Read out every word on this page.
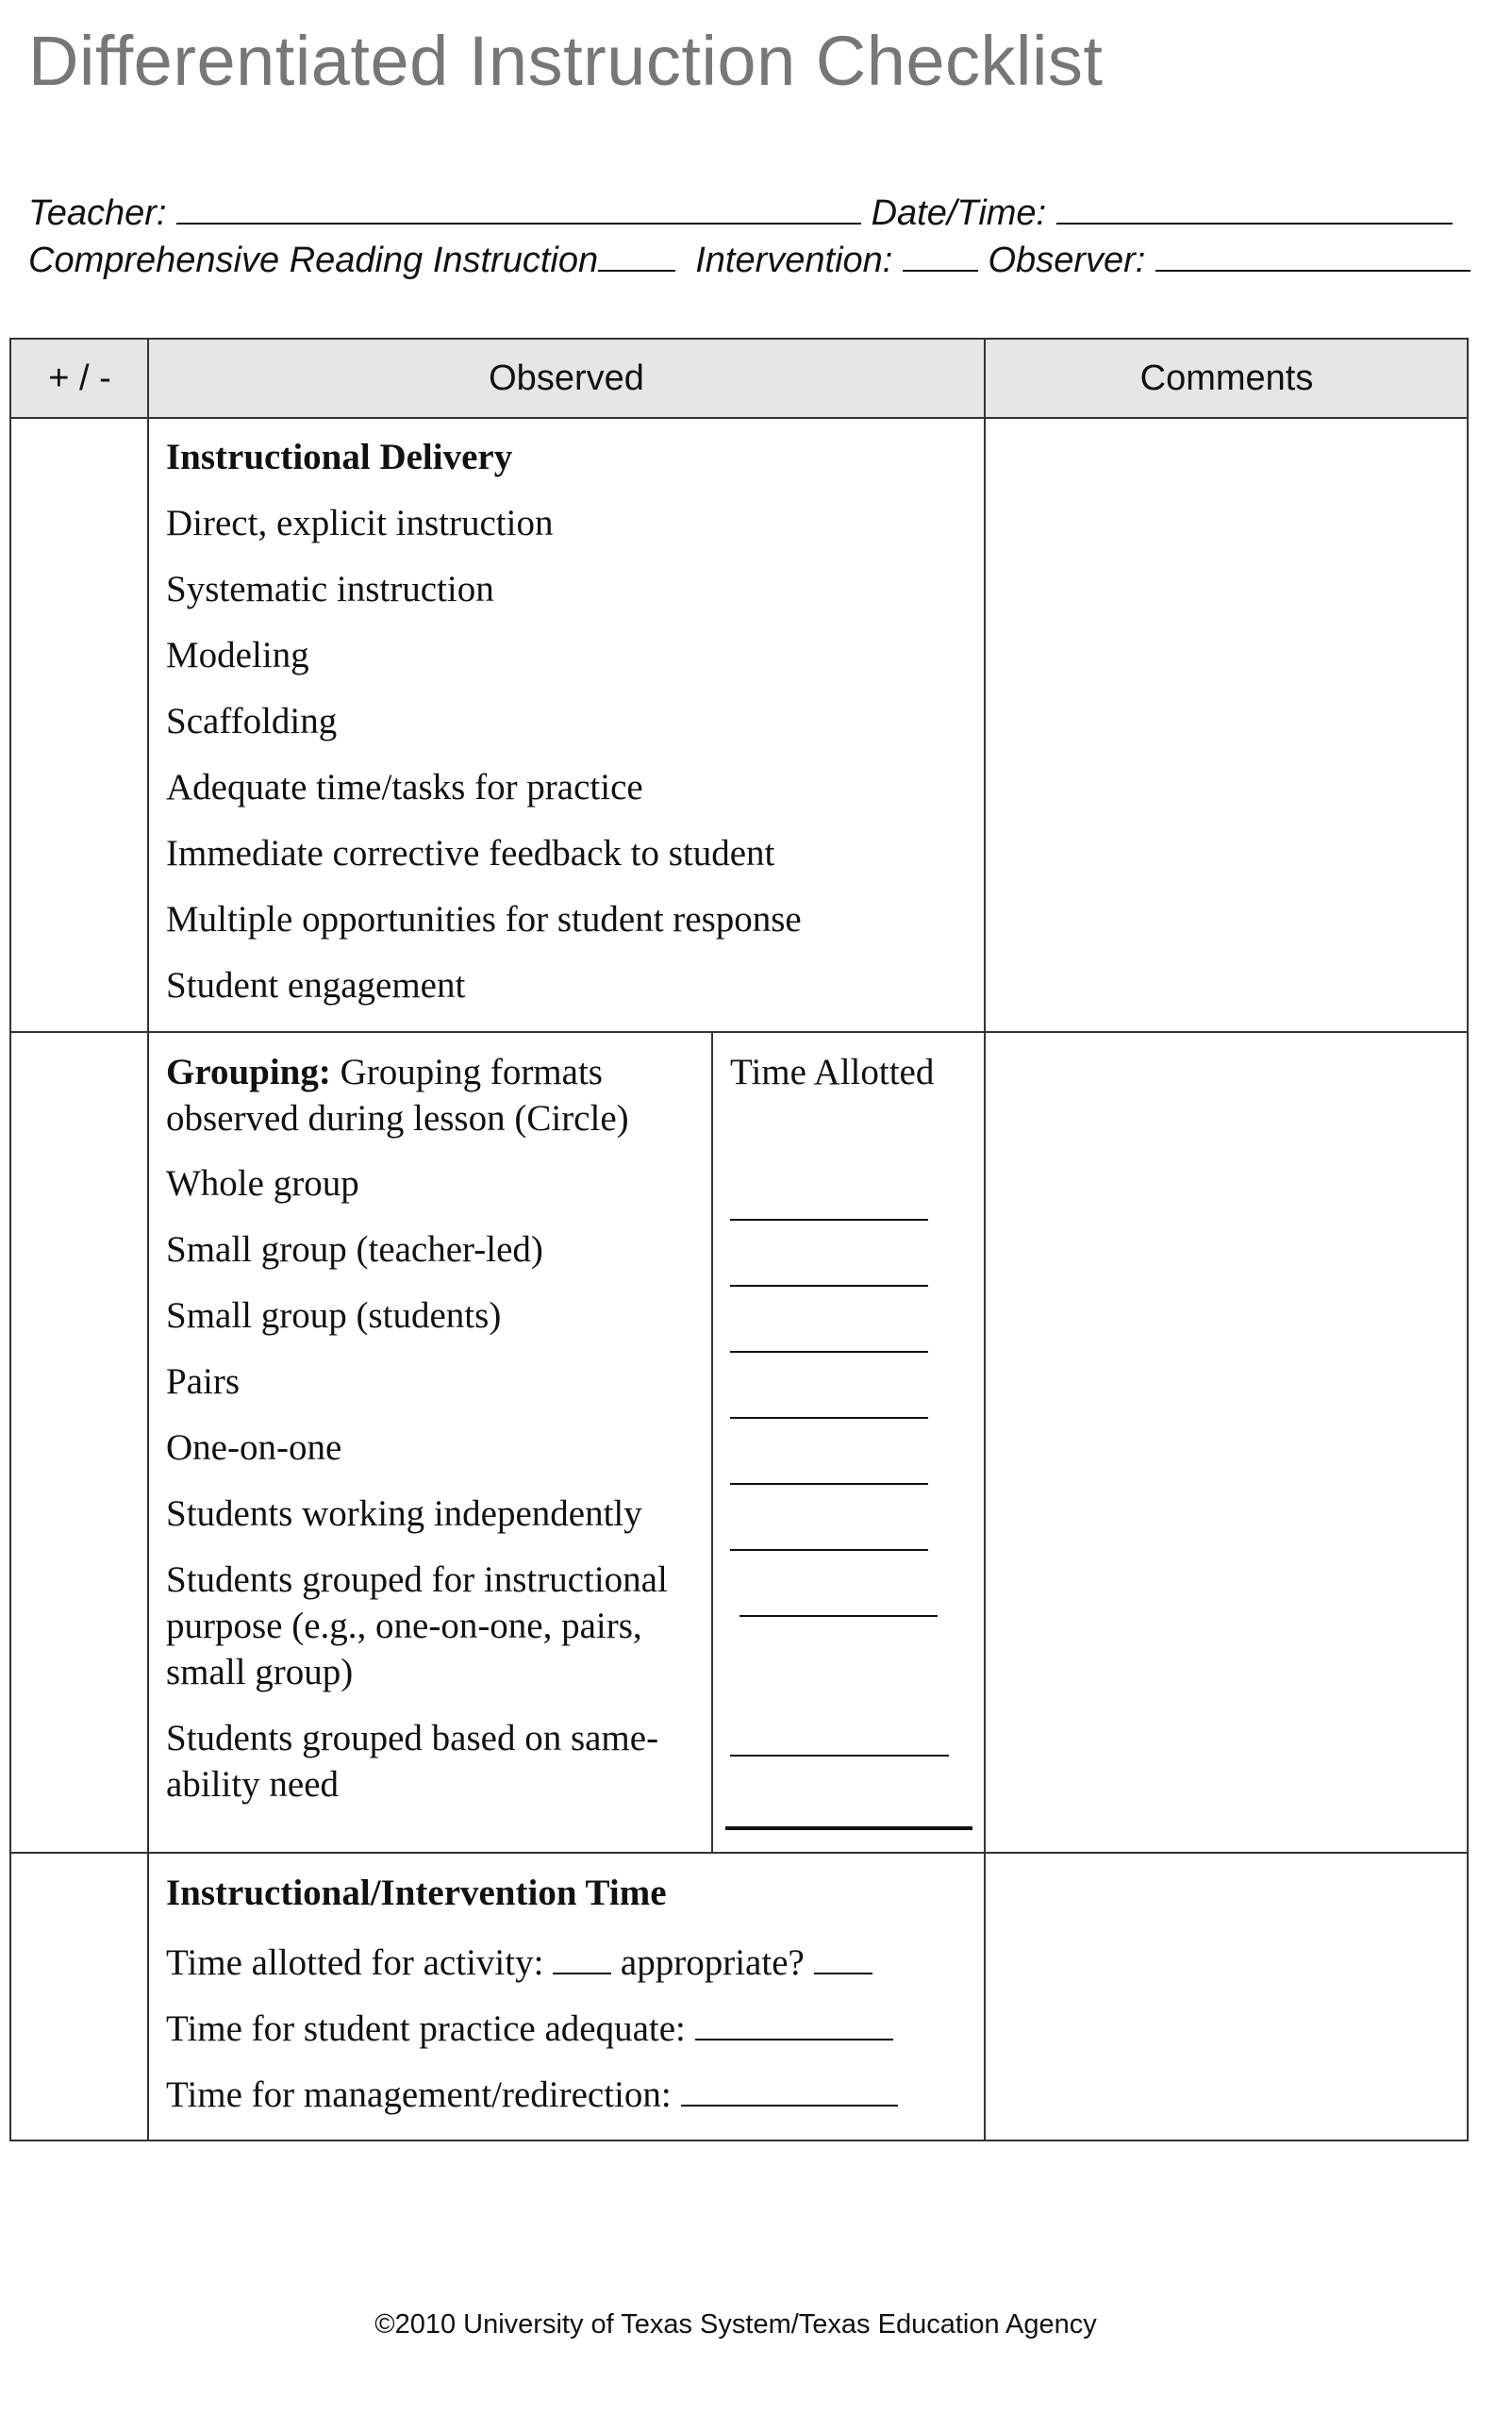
Differentiated Instruction Checklist
Teacher:	Date/Time:
Comprehensive Reading Instruction	Intervention:	Observer:
+ / -	Observed	Comments
Instructional Delivery
Direct, explicit instruction
Systematic instruction
Modeling
Scaffolding
Adequate time/tasks for practice
Immediate corrective feedback to student
Multiple opportunities for student response
Student engagement
Grouping: Grouping formats observed during lesson (Circle)
Time Allotted
Whole group
Small group (teacher-led)
Small group (students)
Pairs
One-on-one
Students working independently
Students grouped for instructional purpose (e.g., one-on-one, pairs, small group)
Students grouped based on same-ability need
Instructional/Intervention Time
Time allotted for activity: appropriate?
Time for student practice adequate:
Time for management/redirection:
©2010 University of Texas System/Texas Education Agency
